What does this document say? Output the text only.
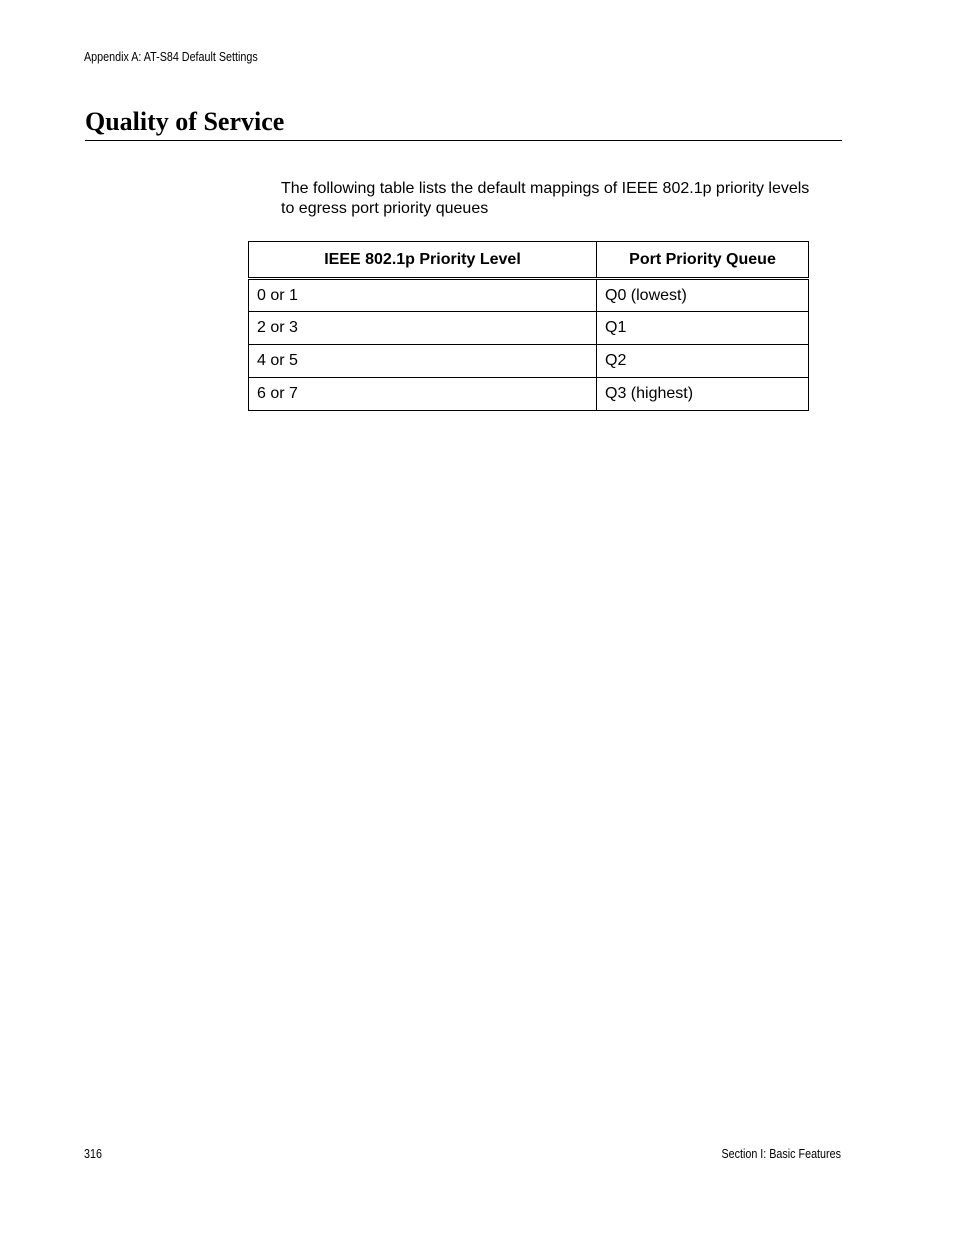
Appendix A: AT-S84 Default Settings
Quality of Service

The following table lists the default mappings of IEEE 802.1p priority levels to egress port priority queues

IEEE 802.1p Priority Level	Port Priority Queue
0 or 1	Q0 (lowest)
2 or 3	Q1
4 or 5	Q2
6 or 7	Q3 (highest)
316	Section I: Basic Features
